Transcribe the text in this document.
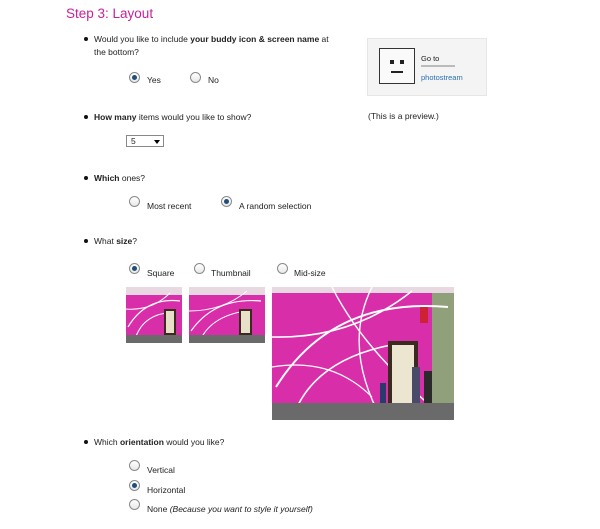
Step 3: Layout
Would you like to include your buddy icon & screen name at
the bottom?
Yes	No
Go to
photostream
(This is a preview.)
How many items would you like to show?
5
Which ones?
Most recent	A random selection
What size?
Square	Thumbnail	Mid-size
Which orientation would you like?
Vertical
Horizontal
None (Because you want to style it yourself)
